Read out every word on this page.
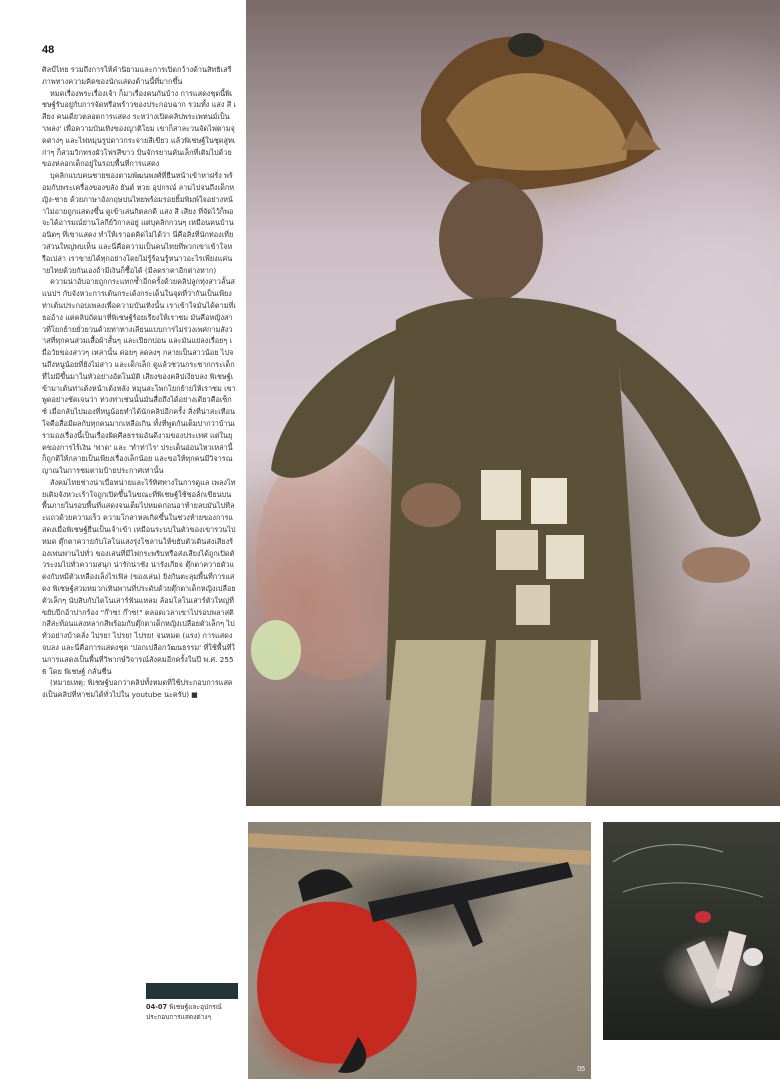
48

ศิลป์ไทย รวมถึงการให้คำนิยามและการเปิดกว้างด้านสิทธิเสรีภาพทางความคิดของนักแสดงด้านนี้ที่มากขึ้น

หมดเรื่องพระเรื่องเจ้า ก็มาเรื่องคนกันบ้าง การแสดงชุดนี้พิเชษฐ์รับอยู่กับการจัดหรือพร้าวของประกอบฉาก รวมทั้ง แสง สี เสียง คนเดียวตลอดการแสดง ระหว่างเปิดคลิปพระเพทนม์เป็น 'เพลง' เพื่อความบันเทิงของญาติโยม เขาก็สาละวนจัดไฟตามจุดต่างๆ และไฟหมุนรูปดาวกระจายสีเขียว แล้วพิเชษฐ์ในชุดสูทเก่าๆ ก็สวมวิกทรงผัวโฟรสีขาว ปั่นจักรยานคันเล็กที่เติมไปด้วยของหลอกเด็กอยู่ในรอบพื้นที่การแสดง

บุคลิกแบบคนชายของตามพัฒนพงศ์ที่ยืนหน้าเข้าหาฝรั่ง พร้อมกับพระเครื่องของขลัง ยันต์ หวย อุปกรณ์ ลามไปจนถึงเด็กหญิง-ชาย ด้วยภาษาอังกฤษปนไทยพร้อมรอยยิ้มพิมพ์ใจอย่างหน้าไม่อายถูกแสดงขึ้น ดูเข้าเล่นกิตลกดี แสง สี เสียง ที่จัดไว้ก็พอจะได้อารมณ์ย่านโลกีย์วิกาลอยู่ แต่บุคลิกกวนๆ เหมือนคนบ้านอนิตๆ ที่เขาแสดง ทำให้เราอดคิดไม่ได้ว่า นี่คือสิ่งที่นักท่องเที่ยวส่วนใหญ่พบเห็น และนี่คือความเป็นคนไทยที่พวกเขาเข้าใจหรือเปล่า เราขายได้ทุกอย่างโดยไม่รู้ร้อนรู้หนาวอะไรเพียงแค่นายไทยด้วยกันเองถ้ามีเงินก็ซื้อได้ (มีลดราคาอีกต่างหาก)

ความน่าอับอายถูกกระแทกซ้ำอีกครั้งด้วยคลิปลูกทุ่งสาวลั้นสแนปฯ กับจังหวะการเต้นกระเด้งกระเด็นในจุดที่ว่ากันเป็นเพียงท่าเต้นประกอบเพลงเพื่อความบันเทิงนั้น เราเข้าใจมันได้ตามที่เธออ้าง แต่คลิปถัดมาที่พิเชษฐ์ร้อยเรียงให้เราชม มันคือหญิงสาวที่โยกย้ายยั่วยวนด้วยท่าทางเลียนแบบการไม่ร่วงเพศกามสังวาสที่ทุกคนสวมเสื้อผ้าสั้นๆ และเปียกปอน และมันแย่ลงเรื่อยๆ เมื่อวัยของสาวๆ เหล่านั้น ค่อยๆ ลดลงๆ กลายเป็นสาวน้อย ไปจนถึงหนูน้อยที่ยังไม่สาว และเด็กเล็ก ดูแล้วชวนกระชากกระเด็กที่ไม่มีขึ้นมาในหัวอย่างอัตโนมัติ เสียงของคลิปเงียบลง พิเชษฐ์เข้ามาเต้นท่าเต้งหน้าเต้งหลัง หมุนสะโพกโยกย้ายให้เราชม เขาพูดอย่างชัดเจนว่า ท่วงท่าเช่นนั้นมันสื่อถึงได้อย่างเดียวคือเซ็กซ์ เมื่อกลับไปมองที่หนูน้อยทำได้นักคลิปอีกครั้ง สิ่งที่น่าสะเทือนใจคือสื่อมีผลกับทุกคนมากเหลือเกิน ทั้งที่พูดกันเต็มปากว่าบ้านเรามองเรื่องนี้เป็นเรื่องผิดศีลธรรมอันดีงามของประเทศ แต่ในยุคของการไร้เงิน 'ฟาด' และ 'ทำท่าไร' ประเด็นอ่อนไหวเหล่านี้ก็ถูกตีให้กลายเป็นเพียงเรื่องเล็กน้อย และขอให้ทุกคนมีวิจารณญาณในการชมตามป้ายประกาศเท่านั้น

สังคมไทยช่างน่าเบื่อหน่ายและไร้ทิศทางในการดูแล เพลงไทยเดิมจังหวะเร้าใจถูกเปิดขึ้นในขณะที่พิเชษฐ์ใช้ชอล์กเขียนบนพื้นภายในรอบพื้นที่แสดงจนเต็มไปหมดก่อนอาท้ายลบมันไปทีละแถวด้วยความเร็ว ความโกลาหลเกิดขึ้นในช่วงท้ายของการแสดงเมื่อพิเชษฐ์ยืนเป็นเจ้าเข้า เหมือนระบบในตัวของเขารวนไปหมด ตุ๊กตาควายกับโลโนแสงรุ่งโชลานให้ขยับตัวเดินส่งเสียงร้องเพ่นพ่านไปทั่ว ของเล่นที่มีไฟกระพริบหรือส่งเสียงได้ถูกเปิดตัวระงมไปทั่วความสนุก น่ารักน่าชัง น่ารังเกียจ ตุ๊กตาควายตัวแดงกับหมีตัวเหลืองเล็งไรเฟิล (ของเล่น) ยิงกันตะลุมพื้นที่การแสดง พิเชษฐ์สวมหมวกเทินพานที่ประดับด้วยตุ๊กตาเด็กหญิงเปลือยตัวเล็กๆ นับสิบกับไดโนเสาร์ฟันแหลม ล้อมโลโนเสาร์ตัวใหญ่ที่ขยับปีกอ้าปากร้อง "ก๊าซ! ก๊าซ!" ตลอดเวลาเขาไปรอบพลาสติกสีสะท้อนแสงหลากสีพร้อมกับตุ๊กตาเด็กหญิงเปลือยตัวเล็กๆ ไปทั่วอย่างบ้าคลั่ง ไปรย! ไปรย! ไปรย! จนหมด (แรง) การแสดงจบลง และนี่คือการแสดงชุด 'ปอกเปลือกวัฒนธรรม' ที่ใช้พื้นที่ในการแสดงเป็นพื้นที่วิพากษ์วิจารณ์สังคมอีกครั้งในปี พ.ศ. 2556 โดย พิเชษฐ์ กลั่นชื่น

(หมายเหตุ: พิเชษฐ์บอกว่าคลิปทั้งหมดที่ใช้ประกอบการแสดงเป็นคลิปที่หาชมได้ทั่วไปใน youtube นะครับ) ■

05
04-07 พิเชษฐ์และอุปกรณ์
ประกอบการแสดงต่างๆ
